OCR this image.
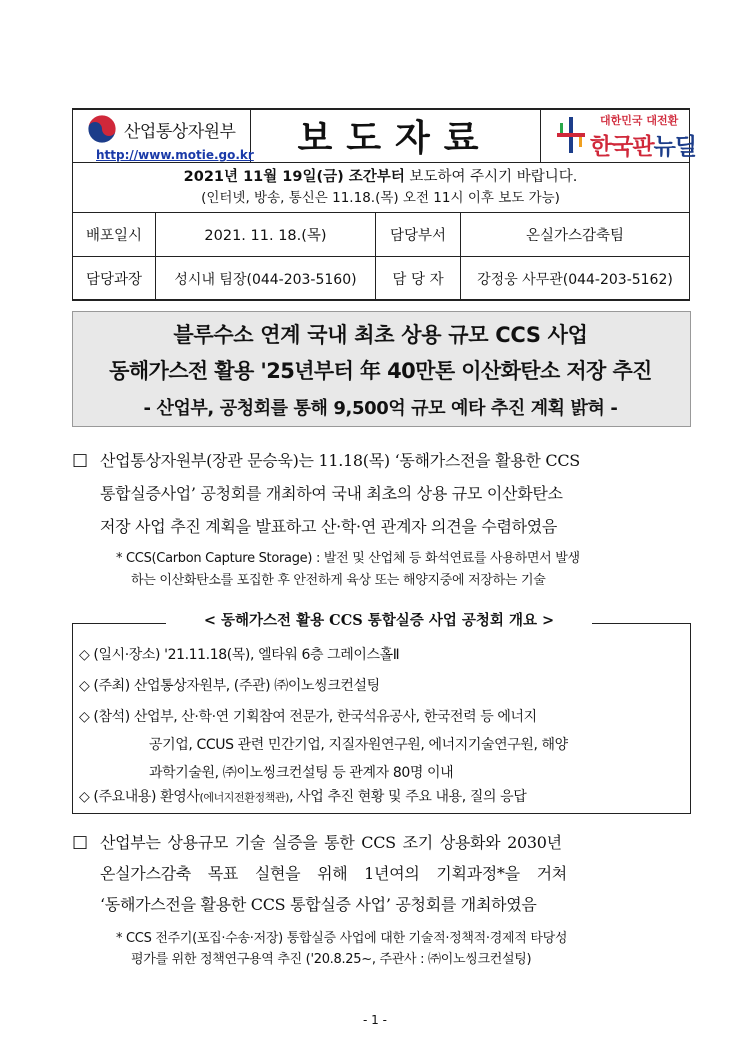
산업통상자원부
http://www.motie.go.kr	보도자료	대한민국 대전환
한국판뉴딜
2021년 11월 19일(금) 조간부터 보도하여 주시기 바랍니다.
(인터넷, 방송, 통신은 11.18.(목) 오전 11시 이후 보도 가능)
배포일시	2021. 11. 18.(목)	담당부서	온실가스감축팀
담당과장	성시내 팀장(044-203-5160)	담 당 자	강정웅 사무관(044-203-5162)
블루수소 연계 국내 최초 상용 규모 CCS 사업
동해가스전 활용 '25년부터 年 40만톤 이산화탄소 저장 추진
- 산업부, 공청회를 통해 9,500억 규모 예타 추진 계획 밝혀 -
□ 산업통상자원부(장관 문승욱)는 11.18(목) ‘동해가스전을 활용한 CCS
통합실증사업’ 공청회를 개최하여 국내 최초의 상용 규모 이산화탄소
저장 사업 추진 계획을 발표하고 산·학·연 관계자 의견을 수렴하였음
* CCS(Carbon Capture Storage) : 발전 및 산업체 등 화석연료를 사용하면서 발생
하는 이산화탄소를 포집한 후 안전하게 육상 또는 해양지중에 저장하는 기술
< 동해가스전 활용 CCS 통합실증 사업 공청회 개요 >
◇ (일시·장소) '21.11.18(목), 엘타워 6층 그레이스홀Ⅱ
◇ (주최) 산업통상자원부, (주관) ㈜이노씽크컨설팅
◇ (참석) 산업부, 산·학·연 기획참여 전문가, 한국석유공사, 한국전력 등 에너지
공기업, CCUS 관련 민간기업, 지질자원연구원, 에너지기술연구원, 해양
과학기술원, ㈜이노씽크컨설팅 등 관계자 80명 이내
◇ (주요내용) 환영사(에너지전환정책관), 사업 추진 현황 및 주요 내용, 질의 응답
□ 산업부는 상용규모 기술 실증을 통한 CCS 조기 상용화와 2030년
온실가스감축 목표 실현을 위해 1년여의 기획과정*을 거쳐
‘동해가스전을 활용한 CCS 통합실증 사업’ 공청회를 개최하였음
* CCS 전주기(포집·수송·저장) 통합실증 사업에 대한 기술적·정책적·경제적 타당성
평가를 위한 정책연구용역 추진 ('20.8.25~, 주관사 : ㈜이노씽크컨설팅)
- 1 -
